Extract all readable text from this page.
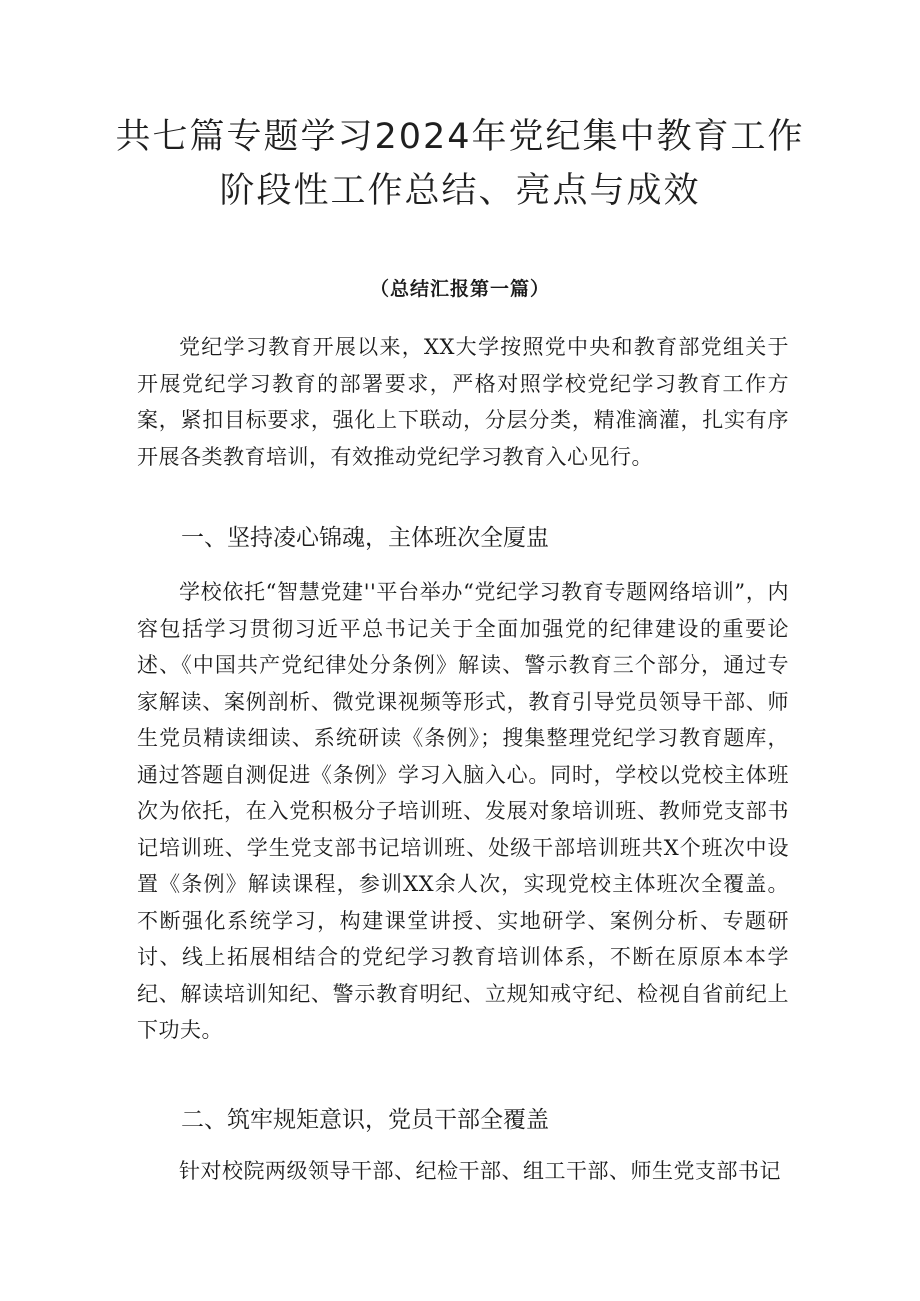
共七篇专题学习2024年党纪集中教育工作
阶段性工作总结、亮点与成效
（总结汇报第一篇）

党纪学习教育开展以来，XX大学按照党中央和教育部党组关于开展党纪学习教育的部署要求，严格对照学校党纪学习教育工作方案，紧扣目标要求，强化上下联动，分层分类，精准滴灌，扎实有序开展各类教育培训，有效推动党纪学习教育入心见行。

一、坚持凌心锦魂，主体班次全厦盅

学校依托“智慧党建''平台举办“党纪学习教育专题网络培训”，内容包括学习贯彻习近平总书记关于全面加强党的纪律建设的重要论述、《中国共产党纪律处分条例》解读、警示教育三个部分，通过专家解读、案例剖析、微党课视频等形式，教育引导党员领导干部、师生党员精读细读、系统研读《条例》；搜集整理党纪学习教育题库，通过答题自测促进《条例》学习入脑入心。同时，学校以党校主体班次为依托，在入党积极分子培训班、发展对象培训班、教师党支部书记培训班、学生党支部书记培训班、处级干部培训班共X个班次中设置《条例》解读课程，参训XX余人次，实现党校主体班次全覆盖。不断强化系统学习，构建课堂讲授、实地研学、案例分析、专题研讨、线上拓展相结合的党纪学习教育培训体系，不断在原原本本学纪、解读培训知纪、警示教育明纪、立规知戒守纪、检视自省前纪上下功夫。

二、筑牢规矩意识，党员干部全覆盖

针对校院两级领导干部、纪检干部、组工干部、师生党支部书记
